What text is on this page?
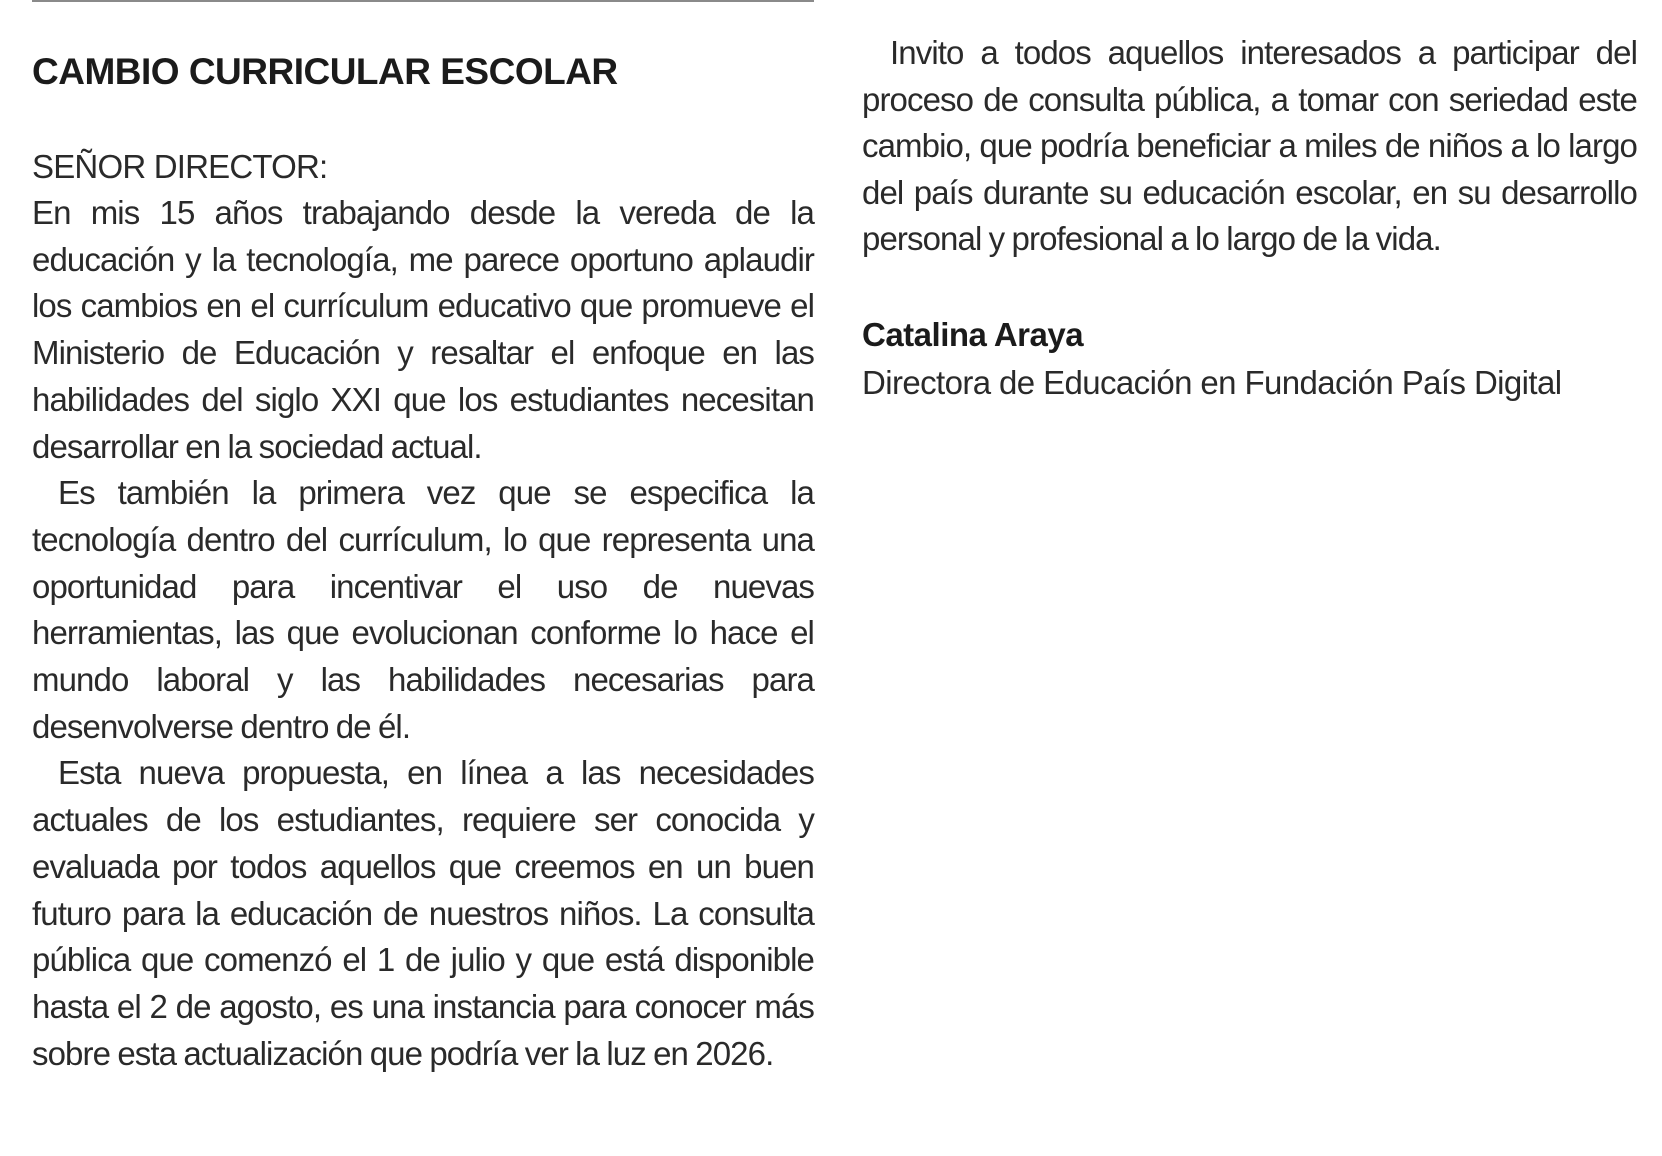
CAMBIO CURRICULAR ESCOLAR

SEÑOR DIRECTOR:

En mis 15 años trabajando desde la vereda de la educación y la tecnología, me parece oportuno aplaudir los cambios en el currículum educativo que promueve el Ministerio de Educación y resaltar el enfoque en las habilidades del siglo XXI que los estudiantes necesitan desarrollar en la sociedad actual.

Es también la primera vez que se especifica la tecnología dentro del currículum, lo que representa una oportunidad para incentivar el uso de nuevas herramientas, las que evolucionan conforme lo hace el mundo laboral y las habilidades necesarias para desenvolverse dentro de él.

Esta nueva propuesta, en línea a las necesidades actuales de los estudiantes, requiere ser conocida y evaluada por todos aquellos que creemos en un buen futuro para la educación de nuestros niños. La consulta pública que comenzó el 1 de julio y que está disponible hasta el 2 de agosto, es una instancia para conocer más sobre esta actualización que podría ver la luz en 2026.

Invito a todos aquellos interesados a participar del proceso de consulta pública, a tomar con seriedad este cambio, que podría beneficiar a miles de niños a lo largo del país durante su educación escolar, en su desarrollo personal y profesional a lo largo de la vida.

Catalina Araya

Directora de Educación en Fundación País Digital
